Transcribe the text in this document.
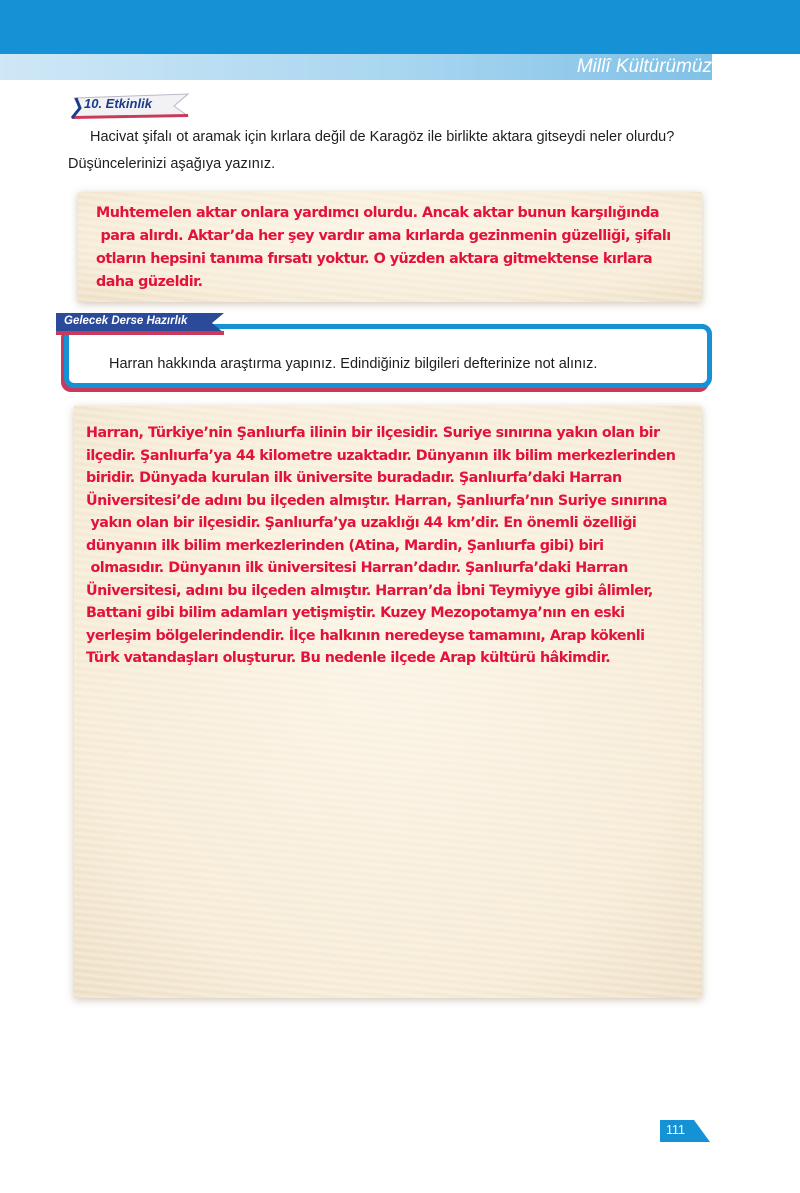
Millî Kültürümüz
10. Etkinlik
Hacivat şifalı ot aramak için kırlara değil de Karagöz ile birlikte aktara gitseydi neler olurdu? Düşüncelerinizi aşağıya yazınız.
Muhtemelen aktar onlara yardımcı olurdu. Ancak aktar bunun karşılığında
para alırdı. Aktar’da her şey vardır ama kırlarda gezinmenin güzelliği, şifalı
otların hepsini tanıma fırsatı yoktur. O yüzden aktara gitmektense kırlara
daha güzeldir.
Harran hakkında araştırma yapınız. Edindiğiniz bilgileri defterinize not alınız.
Gelecek Derse Hazırlık
Harran, Türkiye’nin Şanlıurfa ilinin bir ilçesidir. Suriye sınırına yakın olan bir
ilçedir. Şanlıurfa’ya 44 kilometre uzaktadır. Dünyanın ilk bilim merkezlerinden
biridir. Dünyada kurulan ilk üniversite buradadır. Şanlıurfa’daki Harran
Üniversitesi’de adını bu ilçeden almıştır. Harran, Şanlıurfa’nın Suriye sınırına
yakın olan bir ilçesidir. Şanlıurfa’ya uzaklığı 44 km’dir. En önemli özelliği
dünyanın ilk bilim merkezlerinden (Atina, Mardin, Şanlıurfa gibi) biri
olmasıdır. Dünyanın ilk üniversitesi Harran’dadır. Şanlıurfa’daki Harran
Üniversitesi, adını bu ilçeden almıştır. Harran’da İbni Teymiyye gibi âlimler,
Battani gibi bilim adamları yetişmiştir. Kuzey Mezopotamya’nın en eski
yerleşim bölgelerindendir. İlçe halkının neredeyse tamamını, Arap kökenli
Türk vatandaşları oluşturur. Bu nedenle ilçede Arap kültürü hâkimdir.
111
